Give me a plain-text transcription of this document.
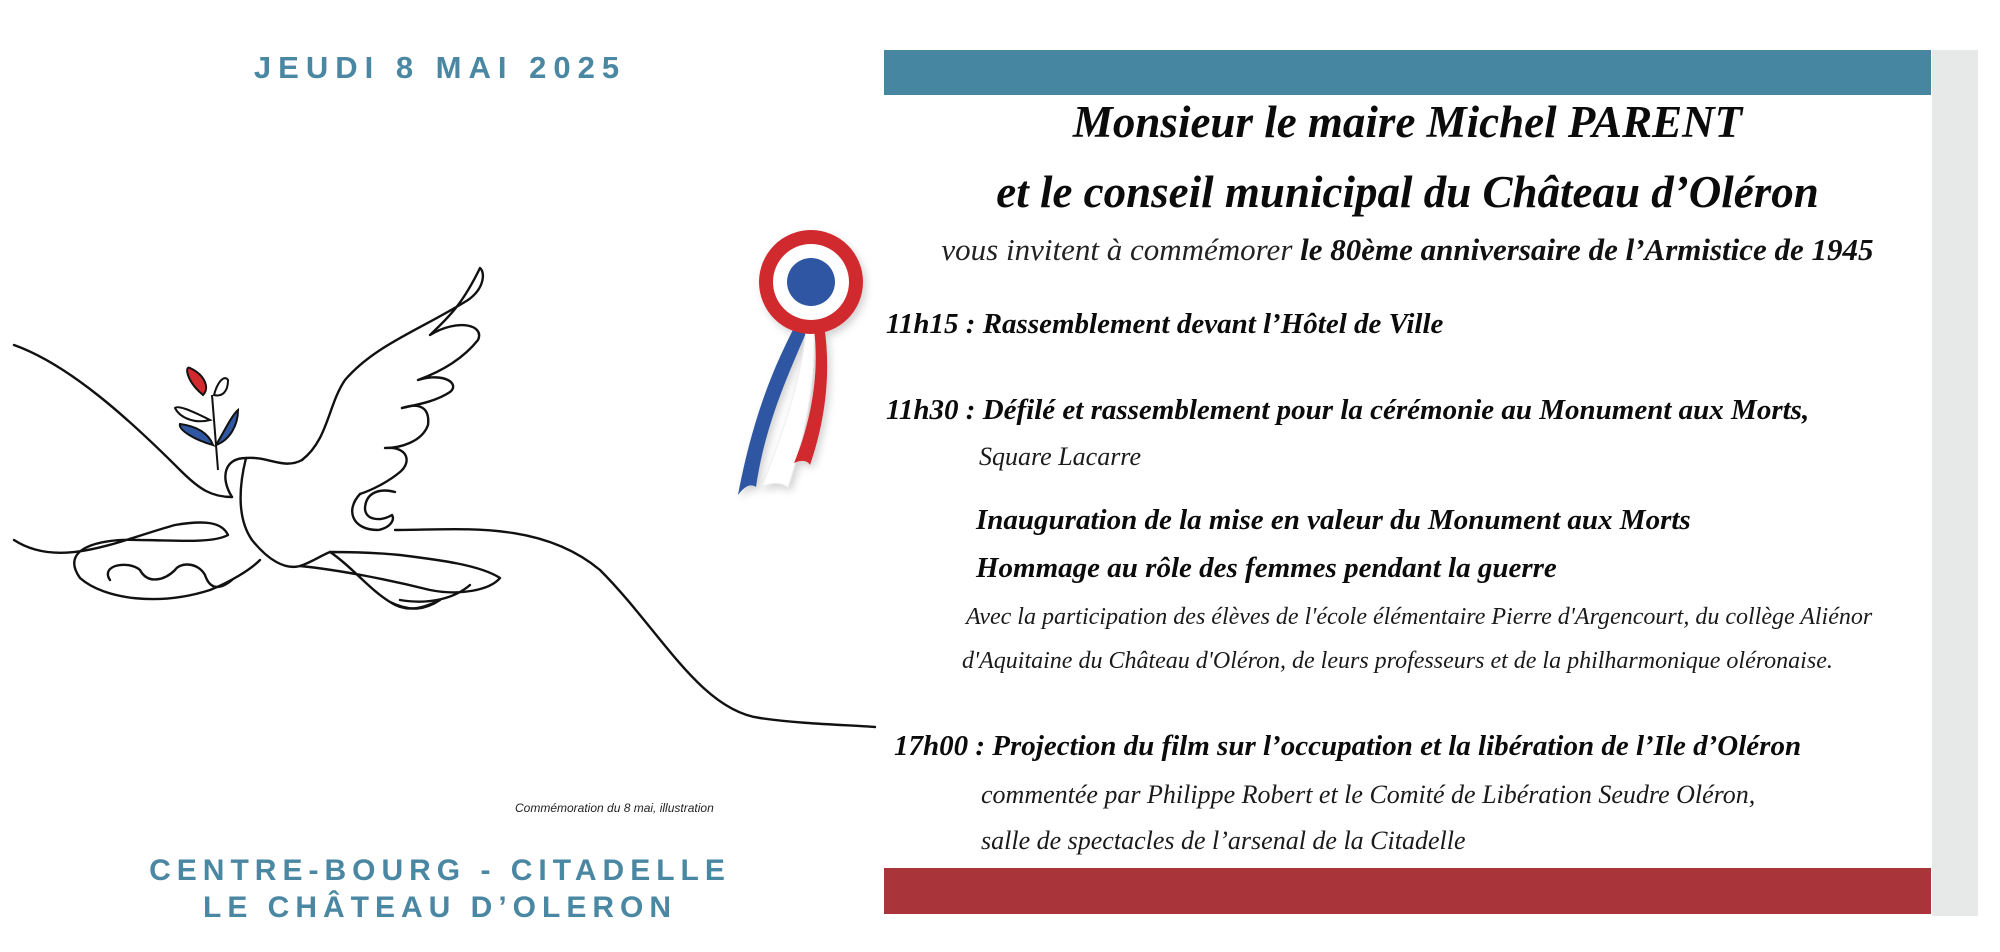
JEUDI 8 MAI 2025
Commémoration du 8 mai, illustration
CENTRE-BOURG - CITADELLE
LE CHÂTEAU D’OLERON
Monsieur le maire Michel PARENT
et le conseil municipal du Château d’Oléron
vous invitent à commémorer le 80ème anniversaire de l’Armistice de 1945
11h15 : Rassemblement devant l’Hôtel de Ville
11h30 : Défilé et rassemblement pour la cérémonie au Monument aux Morts,
Square Lacarre
Inauguration de la mise en valeur du Monument aux Morts
Hommage au rôle des femmes pendant la guerre
Avec la participation des élèves de l'école élémentaire Pierre d'Argencourt, du collège Aliénor
d'Aquitaine du Château d'Oléron, de leurs professeurs et de la philharmonique oléronaise.
17h00 : Projection du film sur l’occupation et la libération de l’Ile d’Oléron
commentée par Philippe Robert et le Comité de Libération Seudre Oléron,
salle de spectacles de l’arsenal de la Citadelle
